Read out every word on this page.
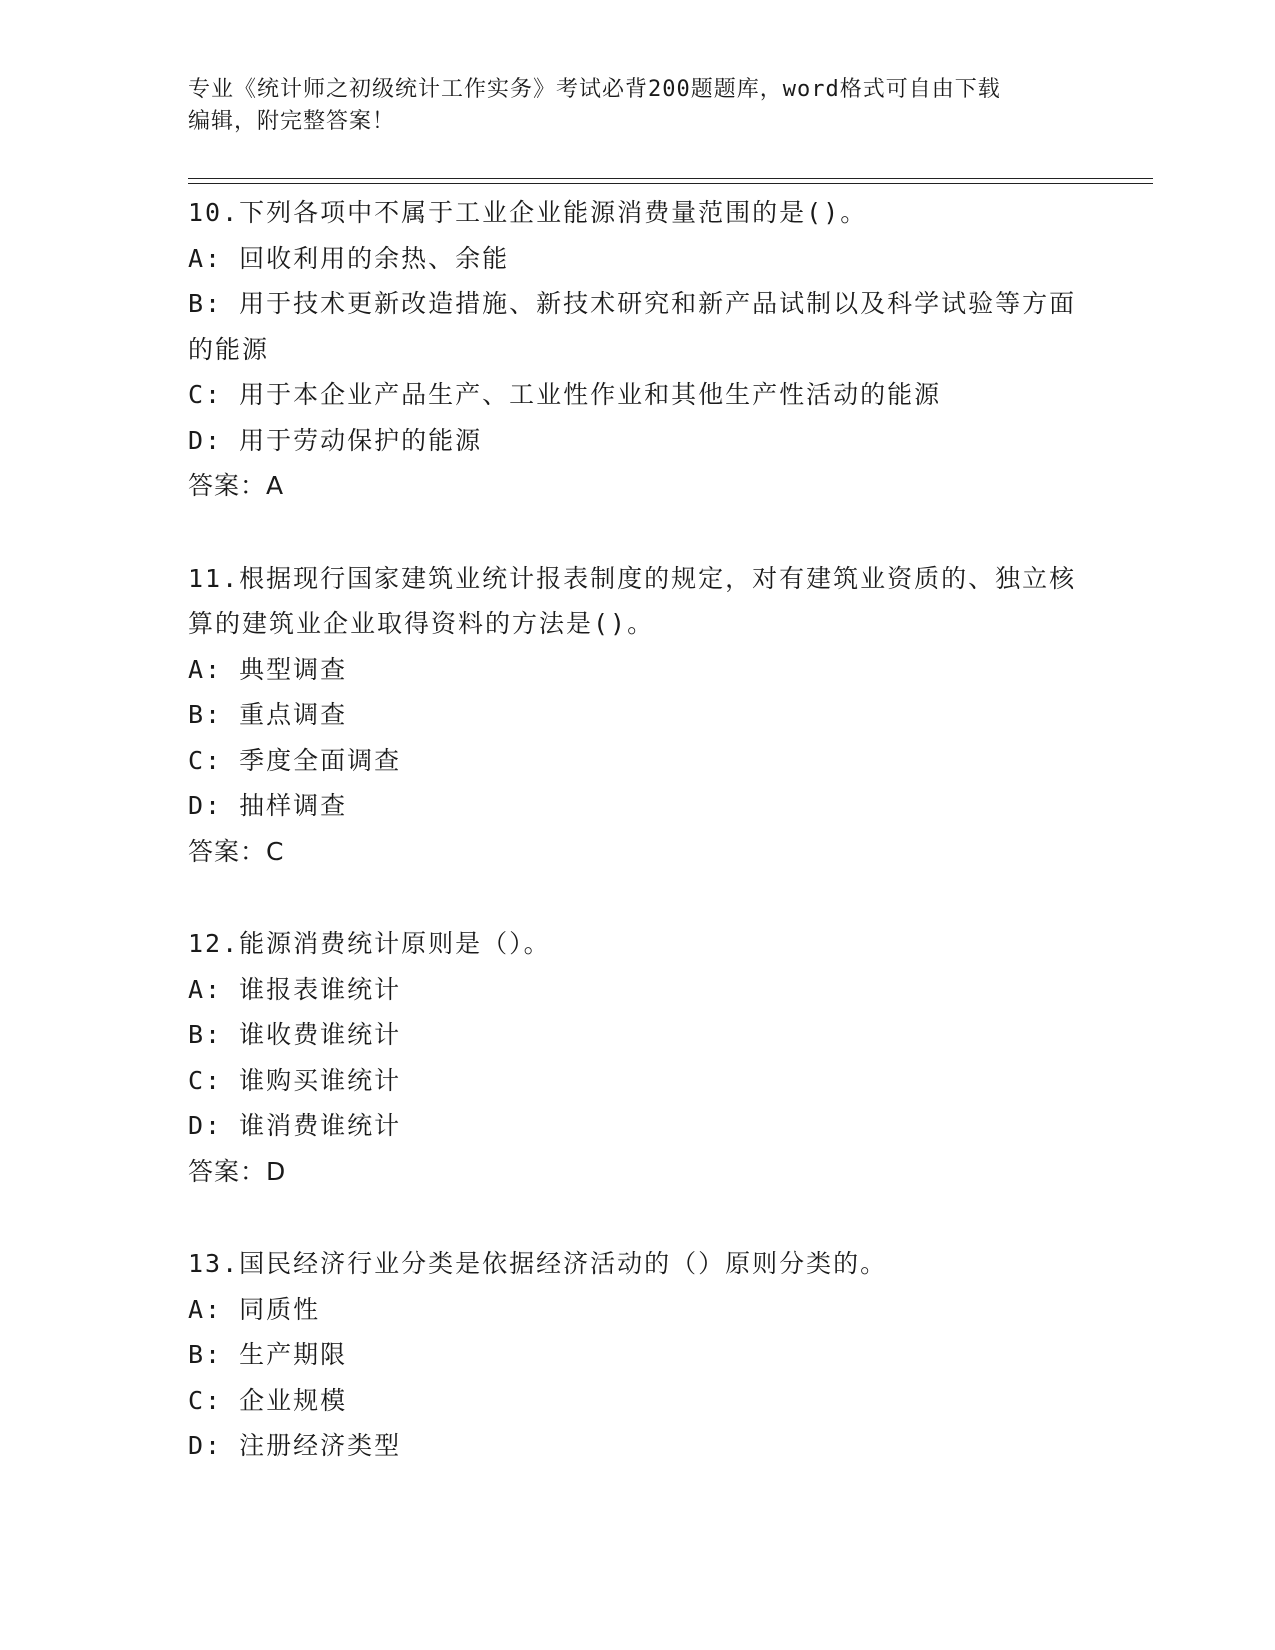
专业《统计师之初级统计工作实务》考试必背200题题库，word格式可自由下载
编辑，附完整答案！
10.下列各项中不属于工业企业能源消费量范围的是()。
A: 回收利用的余热、余能
B: 用于技术更新改造措施、新技术研究和新产品试制以及科学试验等方面的能源
C: 用于本企业产品生产、工业性作业和其他生产性活动的能源
D: 用于劳动保护的能源
答案：A
11.根据现行国家建筑业统计报表制度的规定，对有建筑业资质的、独立核算的建筑业企业取得资料的方法是()。
A: 典型调查
B: 重点调查
C: 季度全面调查
D: 抽样调查
答案：C
12.能源消费统计原则是（）。
A: 谁报表谁统计
B: 谁收费谁统计
C: 谁购买谁统计
D: 谁消费谁统计
答案：D
13.国民经济行业分类是依据经济活动的（）原则分类的。
A: 同质性
B: 生产期限
C: 企业规模
D: 注册经济类型
